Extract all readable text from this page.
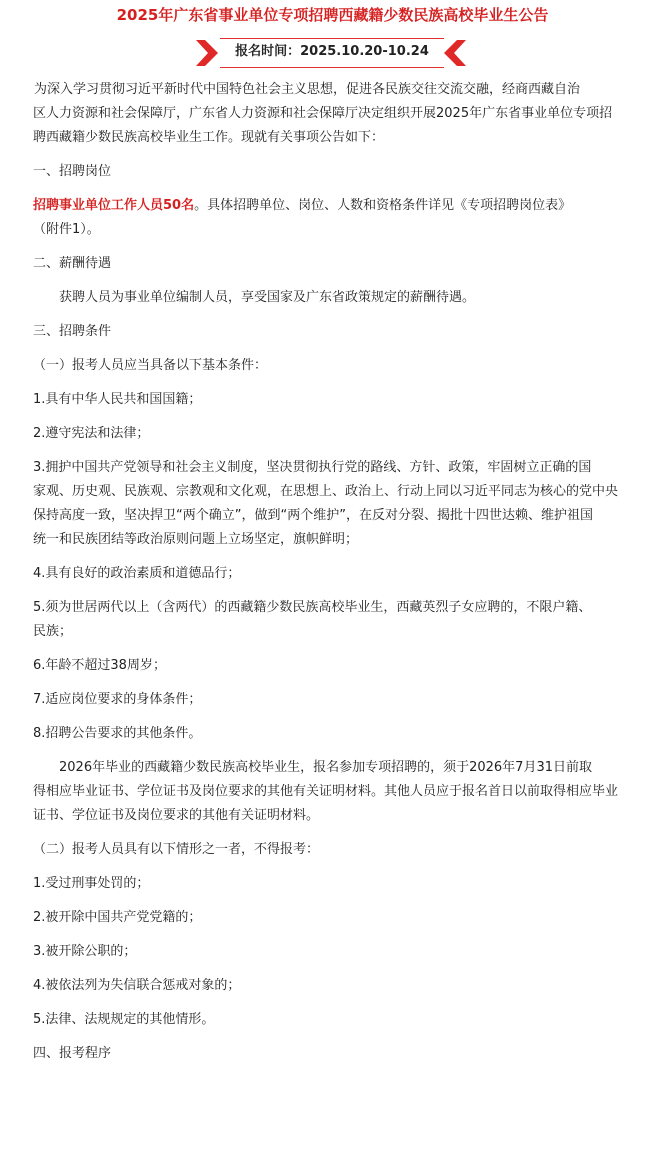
2025年广东省事业单位专项招聘西藏籍少数民族高校毕业生公告
报名时间：2025.10.20-10.24

　　为深入学习贯彻习近平新时代中国特色社会主义思想，促进各民族交往交流交融，经商西藏自治

区人力资源和社会保障厅，广东省人力资源和社会保障厅决定组织开展2025年广东省事业单位专项招

聘西藏籍少数民族高校毕业生工作。现就有关事项公告如下：

一、招聘岗位

招聘事业单位工作人员50名。具体招聘单位、岗位、人数和资格条件详见《专项招聘岗位表》

（附件1）。

二、薪酬待遇

　　获聘人员为事业单位编制人员，享受国家及广东省政策规定的薪酬待遇。

三、招聘条件

（一）报考人员应当具备以下基本条件：

1.具有中华人民共和国国籍；

2.遵守宪法和法律；

3.拥护中国共产党领导和社会主义制度，坚决贯彻执行党的路线、方针、政策，牢固树立正确的国

家观、历史观、民族观、宗教观和文化观，在思想上、政治上、行动上同以习近平同志为核心的党中央

保持高度一致，坚决捍卫“两个确立”，做到“两个维护”，在反对分裂、揭批十四世达赖、维护祖国

统一和民族团结等政治原则问题上立场坚定，旗帜鲜明；

4.具有良好的政治素质和道德品行；

5.须为世居两代以上（含两代）的西藏籍少数民族高校毕业生，西藏英烈子女应聘的，不限户籍、

民族；

6.年龄不超过38周岁；

7.适应岗位要求的身体条件；

8.招聘公告要求的其他条件。

　　2026年毕业的西藏籍少数民族高校毕业生，报名参加专项招聘的，须于2026年7月31日前取

得相应毕业证书、学位证书及岗位要求的其他有关证明材料。其他人员应于报名首日以前取得相应毕业

证书、学位证书及岗位要求的其他有关证明材料。

（二）报考人员具有以下情形之一者，不得报考：

1.受过刑事处罚的；

2.被开除中国共产党党籍的；

3.被开除公职的；

4.被依法列为失信联合惩戒对象的；

5.法律、法规规定的其他情形。

四、报考程序
